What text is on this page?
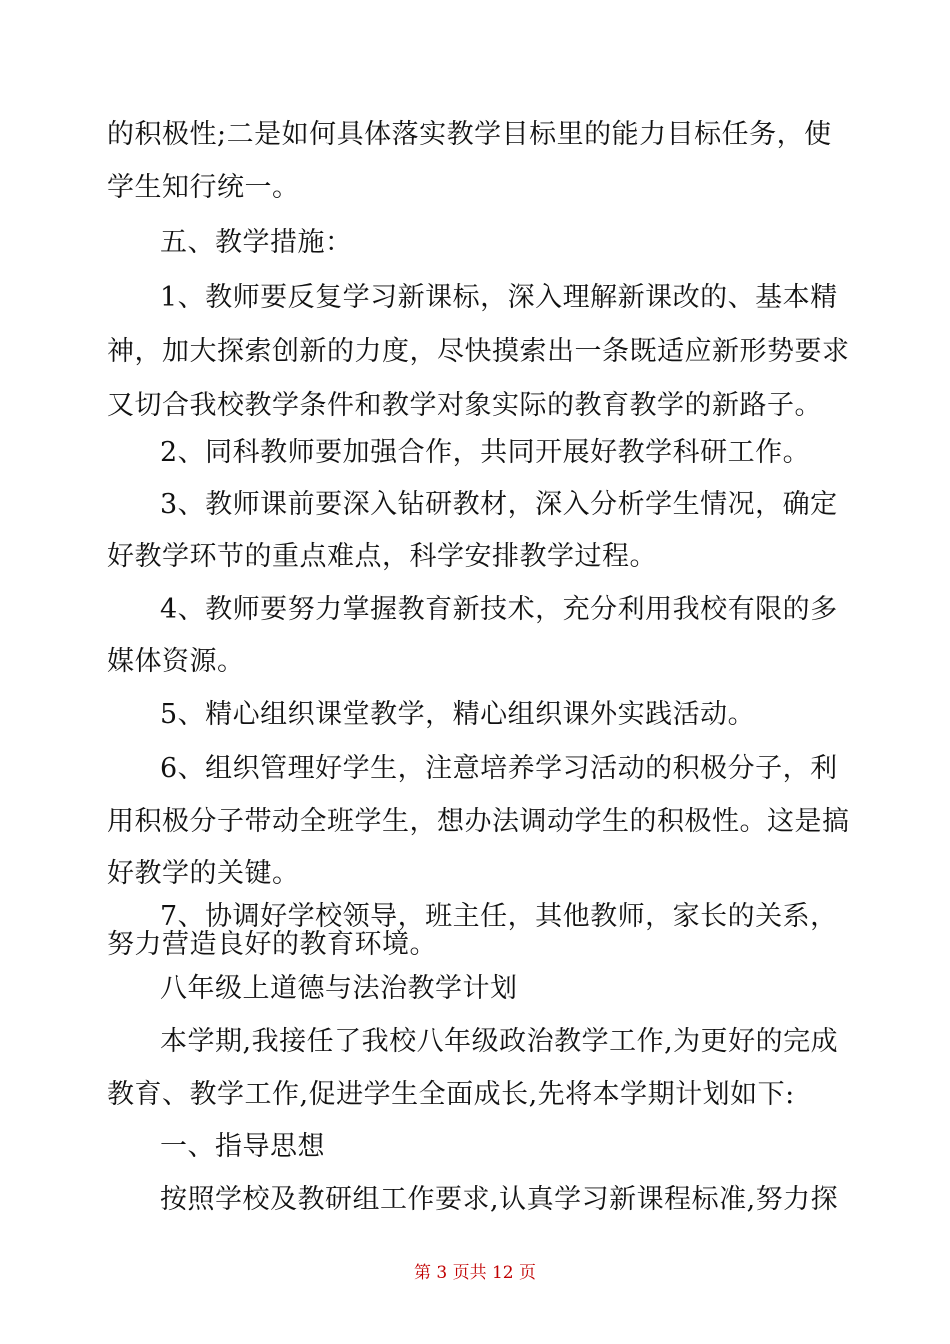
的积极性;二是如何具体落实教学目标里的能力目标任务，使
学生知行统一。
五、教学措施：
1、教师要反复学习新课标，深入理解新课改的、基本精
神，加大探索创新的力度，尽快摸索出一条既适应新形势要求
又切合我校教学条件和教学对象实际的教育教学的新路子。
2、同科教师要加强合作，共同开展好教学科研工作。
3、教师课前要深入钻研教材，深入分析学生情况，确定
好教学环节的重点难点，科学安排教学过程。
4、教师要努力掌握教育新技术，充分利用我校有限的多
媒体资源。
5、精心组织课堂教学，精心组织课外实践活动。
6、组织管理好学生，注意培养学习活动的积极分子，利
用积极分子带动全班学生，想办法调动学生的积极性。这是搞
好教学的关键。
7、协调好学校领导，班主任，其他教师，家长的关系，
努力营造良好的教育环境。
八年级上道德与法治教学计划
本学期,我接任了我校八年级政治教学工作,为更好的完成
教育、教学工作,促进学生全面成长,先将本学期计划如下:
一、指导思想
按照学校及教研组工作要求,认真学习新课程标准,努力探
第 3 页共 12 页
